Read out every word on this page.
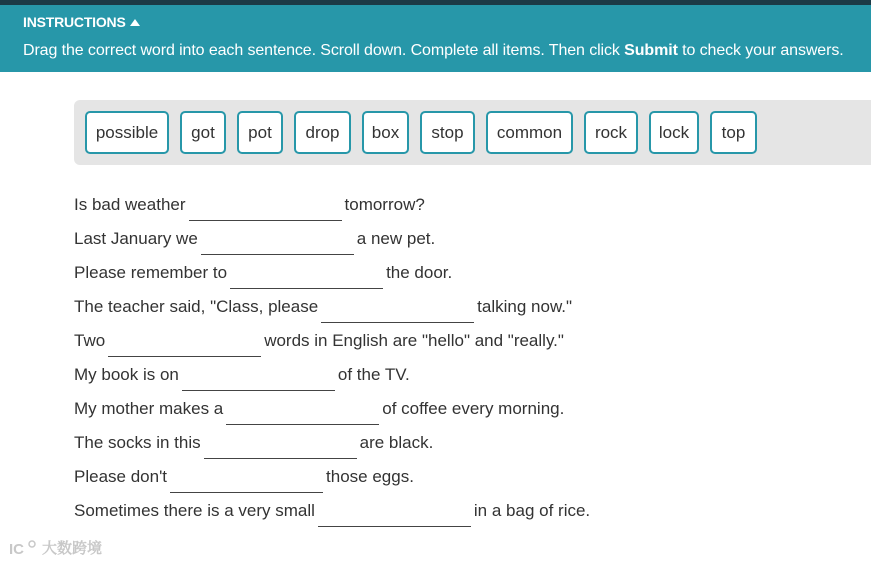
INSTRUCTIONS
Drag the correct word into each sentence. Scroll down. Complete all items. Then click Submit to check your answers.
possible	got	pot	drop	box	stop	common	rock	lock	top
Is bad weather	tomorrow?
Last January we	a new pet.
Please remember to	the door.
The teacher said, "Class, please	talking now."
Two	words in English are "hello" and "really."
My book is on	of the TV.
My mother makes a	of coffee every morning.
The socks in this	are black.
Please don't	those eggs.
Sometimes there is a very small	in a bag of rice.
IC 大数跨境
